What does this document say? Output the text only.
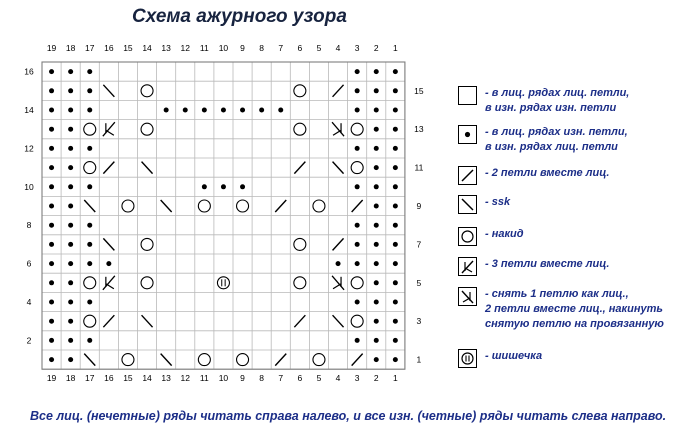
Схема ажурного узора
19
19
18
18
17
17
16
16
15
15
14
14
13
13
12
12
11
11
10
10
9
9
8
8
7
7
6
6
5
5
4
4
3
3
2
2
1
1
16
14
12
10
8
6
4
2
15
13
11
9
7
5
3
1
- в лиц. рядах лиц. петли,
в изн. рядах изн. петли
- в лиц. рядах изн. петли,
в изн. рядах лиц. петли
- 2 петли вместе лиц.
- ssk
- накид
- 3 петли вместе лиц.
- снять 1 петлю как лиц.,
2 петли вместе лиц., накинуть
снятую петлю на провязанную
- шишечка
Все лиц. (нечетные) ряды читать справа налево, и все изн. (четные) ряды читать слева направо.
